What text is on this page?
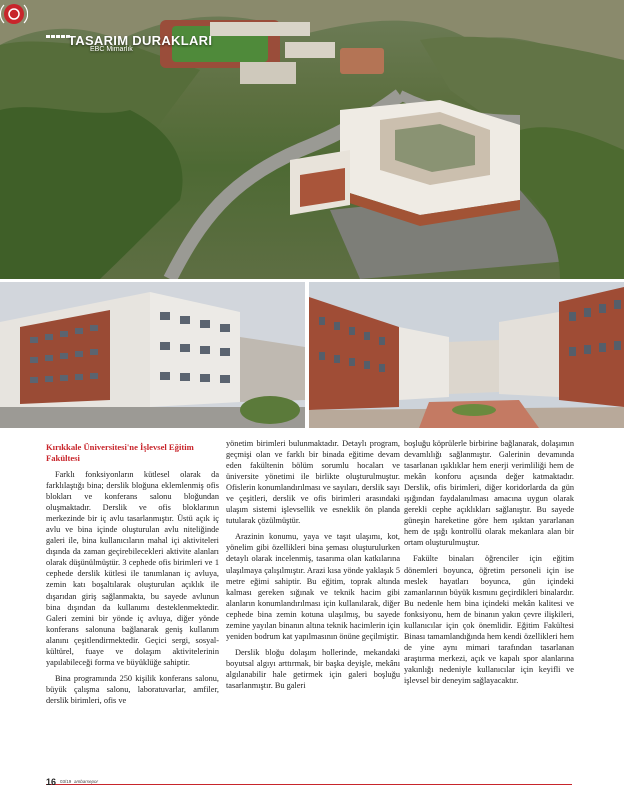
TASARIM DURAKLARI
EBC Mimarlık
Kırıkkale Üniversitesi'ne İşlevsel Eğitim Fakültesi

Farklı fonksiyonların kütlesel olarak da farklılaştığı bina; derslik bloğuna eklemlenmiş ofis blokları ve konferans salonu bloğundan oluşmaktadır. Derslik ve ofis bloklarının merkezinde bir iç avlu tasarlanmıştır. Üstü açık iç avlu ve bina içinde oluşturulan avlu niteliğinde galeri ile, bina kullanıcıların mahal içi aktiviteleri dışında da zaman geçirebilecekleri aktivite alanları olarak düşünülmüştür. 3 cephede ofis birimleri ve 1 cephede derslik kütlesi ile tanımlanan iç avluya, zemin katı boşaltılarak oluşturulan açıklık ile dışarıdan giriş sağlanmakta, bu sayede avlunun bina dışından da kullanımı desteklenmektedir. Galeri zemini bir yönde iç avluya, diğer yönde konferans salonuna bağlanarak geniş kullanım alanını çeşitlendirmektedir. Geçici sergi, sosyal-kültürel, fuaye ve dolaşım aktivitelerinin yapılabileceği forma ve büyüklüğe sahiptir.

Bina programında 250 kişilik konferans salonu, büyük çalışma salonu, laboratuvarlar, amfiler, derslik birimleri, ofis ve

yönetim birimleri bulunmaktadır. Detaylı program, geçmişi olan ve farklı bir binada eğitime devam eden fakültenin bölüm sorumlu hocaları ve üniversite yönetimi ile birlikte oluşturulmuştur. Ofislerin konumlandırılması ve sayıları, derslik sayı ve çeşitleri, derslik ve ofis birimleri arasındaki ulaşım sistemi işlevsellik ve esneklik ön planda tutularak çözülmüştür.

Arazinin konumu, yaya ve taşıt ulaşımı, kot, yönelim gibi özellikleri bina şeması oluşturulurken detaylı olarak incelenmiş, tasarıma olan katkılarına ulaşılmaya çalışılmıştır. Arazi kısa yönde yaklaşık 5 metre eğimi sahiptir. Bu eğitim, toprak altında kalması gereken sığınak ve teknik hacim gibi alanların konumlandırılması için kullanılarak, diğer cephede bina zemin kotuna ulaşılmış, bu sayede zemine yayılan binanın altına teknik hacimlerin için yeniden bodrum kat yapılmasının önüne geçilmiştir.

Derslik bloğu dolaşım hollerinde, mekandaki boyutsal algıyı arttırmak, bir başka deyişle, mekânı algılanabilir hale getirmek için galeri boşluğu tasarlanmıştır. Bu galeri

boşluğu köprülerle birbirine bağlanarak, dolaşımın devamlılığı sağlanmıştır. Galerinin devamında tasarlanan ışıklıklar hem enerji verimliliği hem de mekân konforu açısında değer katmaktadır. Derslik, ofis birimleri, diğer koridorlarda da gün ışığından faydalanılması amacına uygun olarak gerekli cephe açıklıkları sağlanıştır. Bu sayede güneşin hareketine göre hem ışıktan yararlanan hem de ışığı kontrollü olarak mekanlara alan bir ortam oluşturulmuştur.

Fakülte binaları öğrenciler için eğitim dönemleri boyunca, öğretim personeli için ise meslek hayatları boyunca, gün içindeki zamanlarının büyük kısmını geçirdikleri binalardır. Bu nedenle hem bina içindeki mekân kalitesi ve fonksiyonu, hem de binanın yakın çevre ilişkileri, kullanıcılar için çok önemlidir. Eğitim Fakültesi Binası tamamlandığında hem kendi özellikleri hem de yine aynı mimari tarafından tasarlanan araştırma merkezi, açık ve kapalı spor alanlarına yakınlığı nedeniyle kullanıcılar için keyifli ve işlevsel bir deneyim sağlayacaktır.

16 03/19 ambarsepor
